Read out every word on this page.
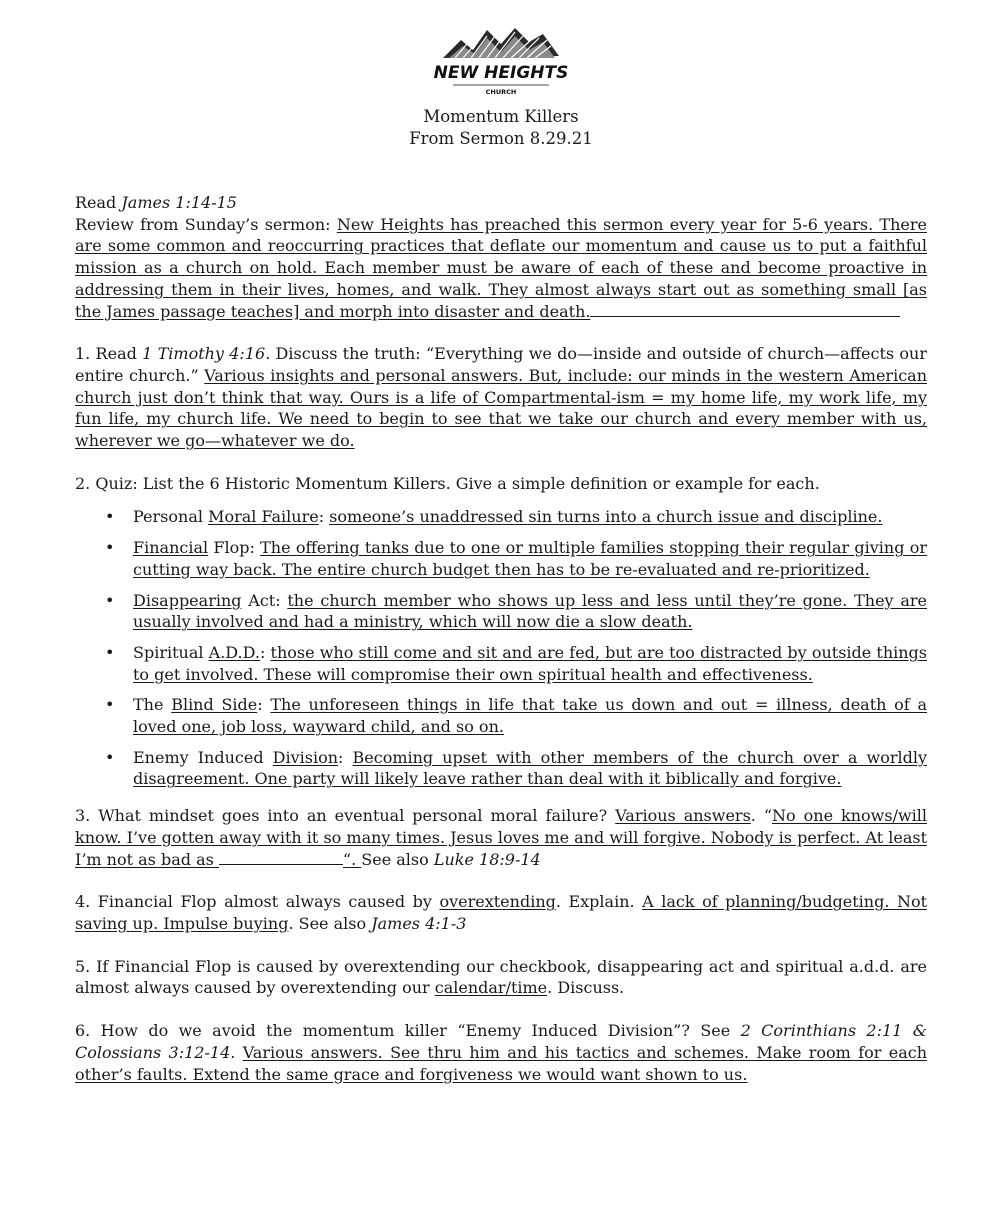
NEW HEIGHTS
CHURCH
Momentum Killers
From Sermon 8.29.21

Read James 1:14-15

Review from Sunday’s sermon: New Heights has preached this sermon every year for 5-6 years. There are some common and reoccurring practices that deflate our momentum and cause us to put a faithful mission as a church on hold. Each member must be aware of each of these and become proactive in addressing them in their lives, homes, and walk. They almost always start out as something small [as the James passage teaches] and morph into disaster and death.

1. Read 1 Timothy 4:16. Discuss the truth: “Everything we do—inside and outside of church—affects our entire church.” Various insights and personal answers. But, include: our minds in the western American church just don’t think that way. Ours is a life of Compartmental-ism = my home life, my work life, my fun life, my church life. We need to begin to see that we take our church and every member with us, wherever we go—whatever we do.

2. Quiz: List the 6 Historic Momentum Killers. Give a simple definition or example for each.

• Personal Moral Failure: someone’s unaddressed sin turns into a church issue and discipline.
• Financial Flop: The offering tanks due to one or multiple families stopping their regular giving or cutting way back. The entire church budget then has to be re-evaluated and re-prioritized.
• Disappearing Act: the church member who shows up less and less until they’re gone. They are usually involved and had a ministry, which will now die a slow death.
• Spiritual A.D.D.: those who still come and sit and are fed, but are too distracted by outside things to get involved. These will compromise their own spiritual health and effectiveness.
• The Blind Side: The unforeseen things in life that take us down and out = illness, death of a loved one, job loss, wayward child, and so on.
• Enemy Induced Division: Becoming upset with other members of the church over a worldly disagreement. One party will likely leave rather than deal with it biblically and forgive.

3. What mindset goes into an eventual personal moral failure? Various answers. “No one knows/will know. I’ve gotten away with it so many times. Jesus loves me and will forgive. Nobody is perfect. At least I’m not as bad as	“. See also Luke 18:9-14

4. Financial Flop almost always caused by overextending. Explain. A lack of planning/budgeting. Not saving up. Impulse buying. See also James 4:1-3

5. If Financial Flop is caused by overextending our checkbook, disappearing act and spiritual a.d.d. are almost always caused by overextending our calendar/time. Discuss.

6. How do we avoid the momentum killer “Enemy Induced Division”? See 2 Corinthians 2:11 & Colossians 3:12-14. Various answers. See thru him and his tactics and schemes. Make room for each other’s faults. Extend the same grace and forgiveness we would want shown to us.
